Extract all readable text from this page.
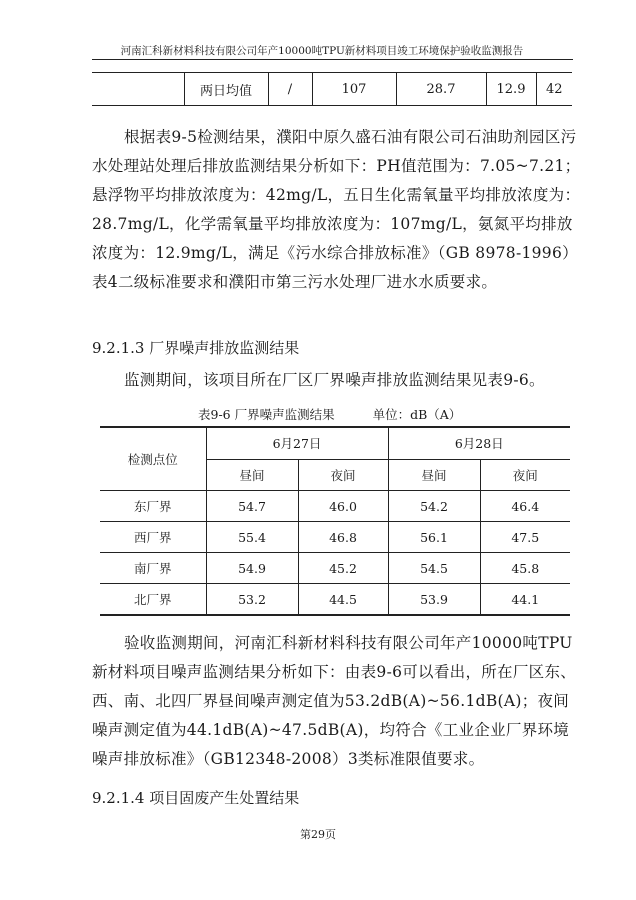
河南汇科新材料科技有限公司年产10000吨TPU新材料项目竣工环境保护验收监测报告
	两日均值	/	107	28.7	12.9	42

根据表9-5检测结果，濮阳中原久盛石油有限公司石油助剂园区污水处理站处理后排放监测结果分析如下：PH值范围为：7.05~7.21；悬浮物平均排放浓度为：42mg/L，五日生化需氧量平均排放浓度为：28.7mg/L，化学需氧量平均排放浓度为：107mg/L，氨氮平均排放浓度为：12.9mg/L，满足《污水综合排放标准》（GB 8978-1996）表4二级标准要求和濮阳市第三污水处理厂进水水质要求。

9.2.1.3 厂界噪声排放监测结果

监测期间，该项目所在厂区厂界噪声排放监测结果见表9-6。

表9-6 厂界噪声监测结果	单位：dB（A）
检测点位	6月27日		6月28日	
	昼间	夜间	昼间	夜间
东厂界	54.7	46.0	54.2	46.4
西厂界	55.4	46.8	56.1	47.5
南厂界	54.9	45.2	54.5	45.8
北厂界	53.2	44.5	53.9	44.1

验收监测期间，河南汇科新材料科技有限公司年产10000吨TPU新材料项目噪声监测结果分析如下：由表9-6可以看出，所在厂区东、西、南、北四厂界昼间噪声测定值为53.2dB(A)~56.1dB(A)；夜间噪声测定值为44.1dB(A)~47.5dB(A)，均符合《工业企业厂界环境噪声排放标准》（GB12348-2008）3类标准限值要求。

9.2.1.4 项目固废产生处置结果
第29页
